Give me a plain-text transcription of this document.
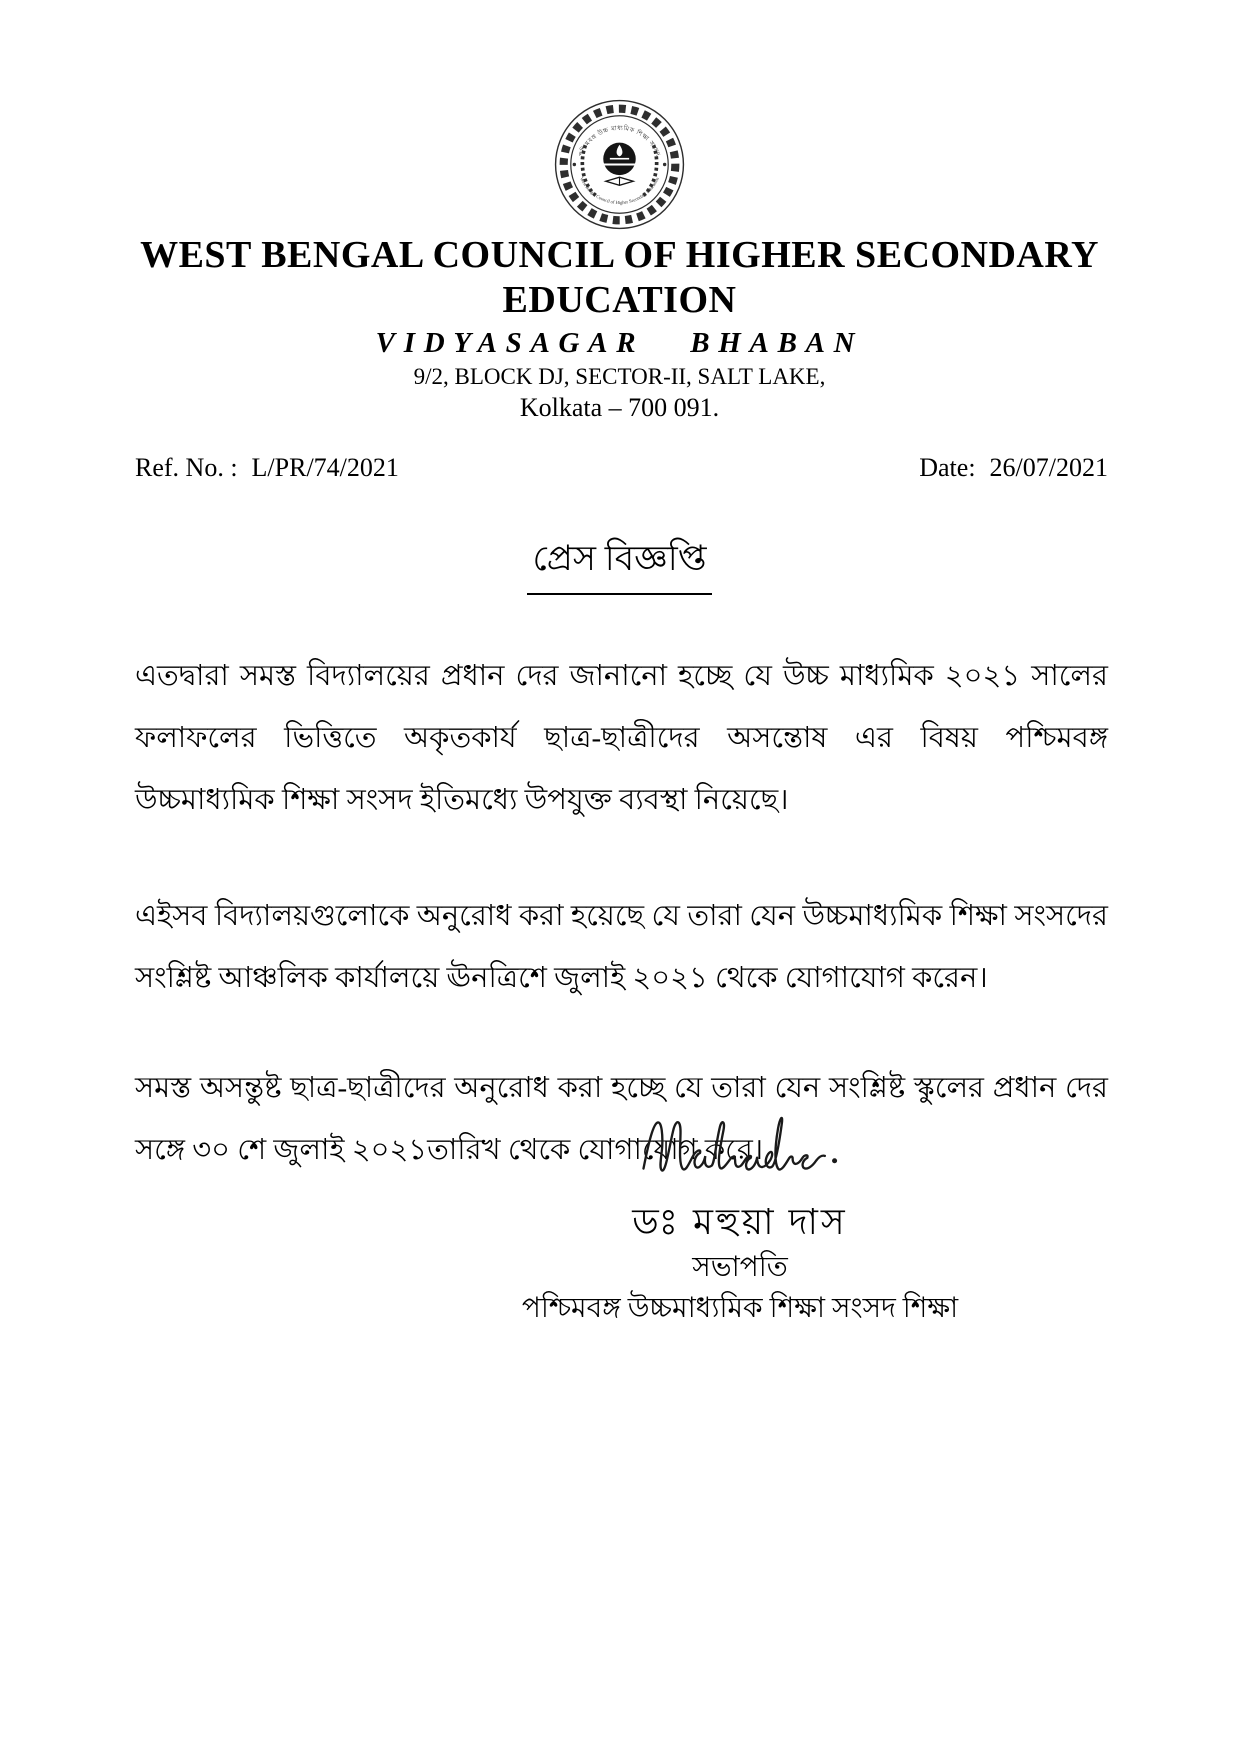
পশ্চিমবঙ্গ উচ্চ মাধ্যমিক শিক্ষা সংসদ
West Bengal Council of Higher Secondary Education
WEST BENGAL COUNCIL OF HIGHER SECONDARY
EDUCATION
VIDYASAGAR BHABAN
9/2, BLOCK DJ, SECTOR-II, SALT LAKE,
Kolkata – 700 091.
Ref. No. : L/PR/74/2021	Date: 26/07/2021
প্রেস বিজ্ঞপ্তি
এতদ্বারা সমস্ত বিদ্যালয়ের প্রধান দের জানানো হচ্ছে যে উচ্চ মাধ্যমিক ২০২১ সালের ফলাফলের ভিত্তিতে অকৃতকার্য ছাত্র-ছাত্রীদের অসন্তোষ এর বিষয় পশ্চিমবঙ্গ উচ্চমাধ্যমিক শিক্ষা সংসদ ইতিমধ্যে উপযুক্ত ব্যবস্থা নিয়েছে।
এইসব বিদ্যালয়গুলোকে অনুরোধ করা হয়েছে যে তারা যেন উচ্চমাধ্যমিক শিক্ষা সংসদের সংশ্লিষ্ট আঞ্চলিক কার্যালয়ে ঊনত্রিশে জুলাই ২০২১ থেকে যোগাযোগ করেন।
সমস্ত অসন্তুষ্ট ছাত্র-ছাত্রীদের অনুরোধ করা হচ্ছে যে তারা যেন সংশ্লিষ্ট স্কুলের প্রধান দের সঙ্গে ৩০ শে জুলাই ২০২১তারিখ থেকে যোগাযোগ করে।
ডঃ মহুয়া দাস
সভাপতি
পশ্চিমবঙ্গ উচ্চমাধ্যমিক শিক্ষা সংসদ শিক্ষা
